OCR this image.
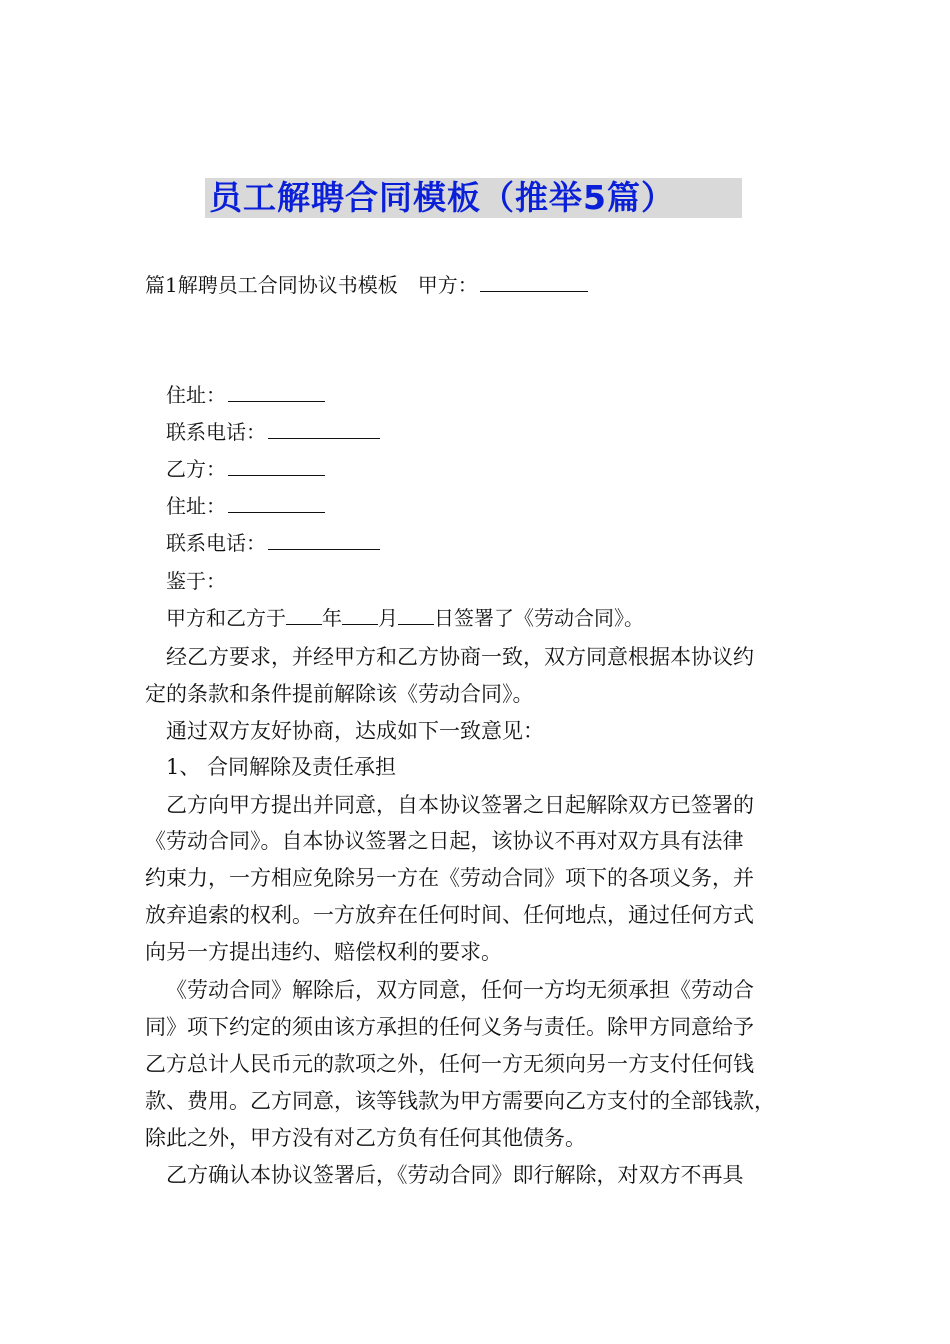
员工解聘合同模板（推举5篇）
篇1解聘员工合同协议书模板　甲方：
住址：
联系电话：
乙方：
住址：
联系电话：
鉴于：
甲方和乙方于 年 月 日签署了《劳动合同》。
经乙方要求，并经甲方和乙方协商一致，双方同意根据本协议约
定的条款和条件提前解除该《劳动合同》。
通过双方友好协商，达成如下一致意见：
1、 合同解除及责任承担
乙方向甲方提出并同意，自本协议签署之日起解除双方已签署的
《劳动合同》。自本协议签署之日起，该协议不再对双方具有法律
约束力，一方相应免除另一方在《劳动合同》项下的各项义务，并
放弃追索的权利。一方放弃在任何时间、任何地点，通过任何方式
向另一方提出违约、赔偿权利的要求。
《劳动合同》解除后，双方同意，任何一方均无须承担《劳动合
同》项下约定的须由该方承担的任何义务与责任。除甲方同意给予
乙方总计人民币元的款项之外，任何一方无须向另一方支付任何钱
款、费用。乙方同意，该等钱款为甲方需要向乙方支付的全部钱款，
除此之外，甲方没有对乙方负有任何其他债务。
乙方确认本协议签署后，《劳动合同》即行解除，对双方不再具
